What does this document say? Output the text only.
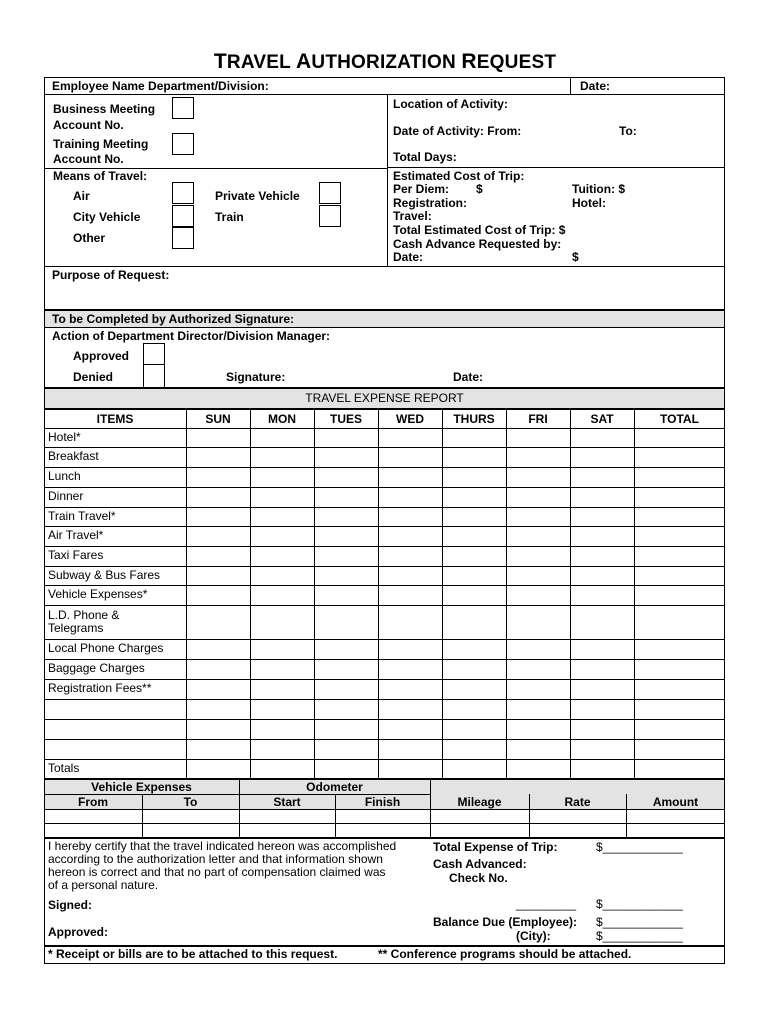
TRAVEL AUTHORIZATION REQUEST
Employee Name Department/Division:	Date:
Business Meeting
Account No.
Training Meeting
Account No.
Location of Activity:
Date of Activity: From:	To:
Total Days:
Means of Travel:
Air	Private Vehicle
City Vehicle	Train
Other
Estimated Cost of Trip:
Per Diem: $	Tuition: $
Registration:	Hotel:
Travel:
Total Estimated Cost of Trip: $
Cash Advance Requested by:
Date:	$
Purpose of Request:
To be Completed by Authorized Signature:
Action of Department Director/Division Manager:
Approved
Denied	Signature:	Date:
TRAVEL EXPENSE REPORT
ITEMS	SUN	MON	TUES	WED	THURS	FRI	SAT	TOTAL
Hotel*
Breakfast
Lunch
Dinner
Train Travel*
Air Travel*
Taxi Fares
Subway & Bus Fares
Vehicle Expenses*
L.D. Phone &
Telegrams
Local Phone Charges
Baggage Charges
Registration Fees**
Totals
Vehicle Expenses	Odometer
From	To	Start	Finish	Mileage	Rate	Amount
I hereby certify that the travel indicated hereon was accomplished
according to the authorization letter and that information shown
hereon is correct and that no part of compensation claimed was
of a personal nature.
Signed:
Approved:
Total Expense of Trip:	$____________
Cash Advanced:
Check No.
_________ $____________
Balance Due (Employee): $____________
(City):	$____________
* Receipt or bills are to be attached to this request.	** Conference programs should be attached.
